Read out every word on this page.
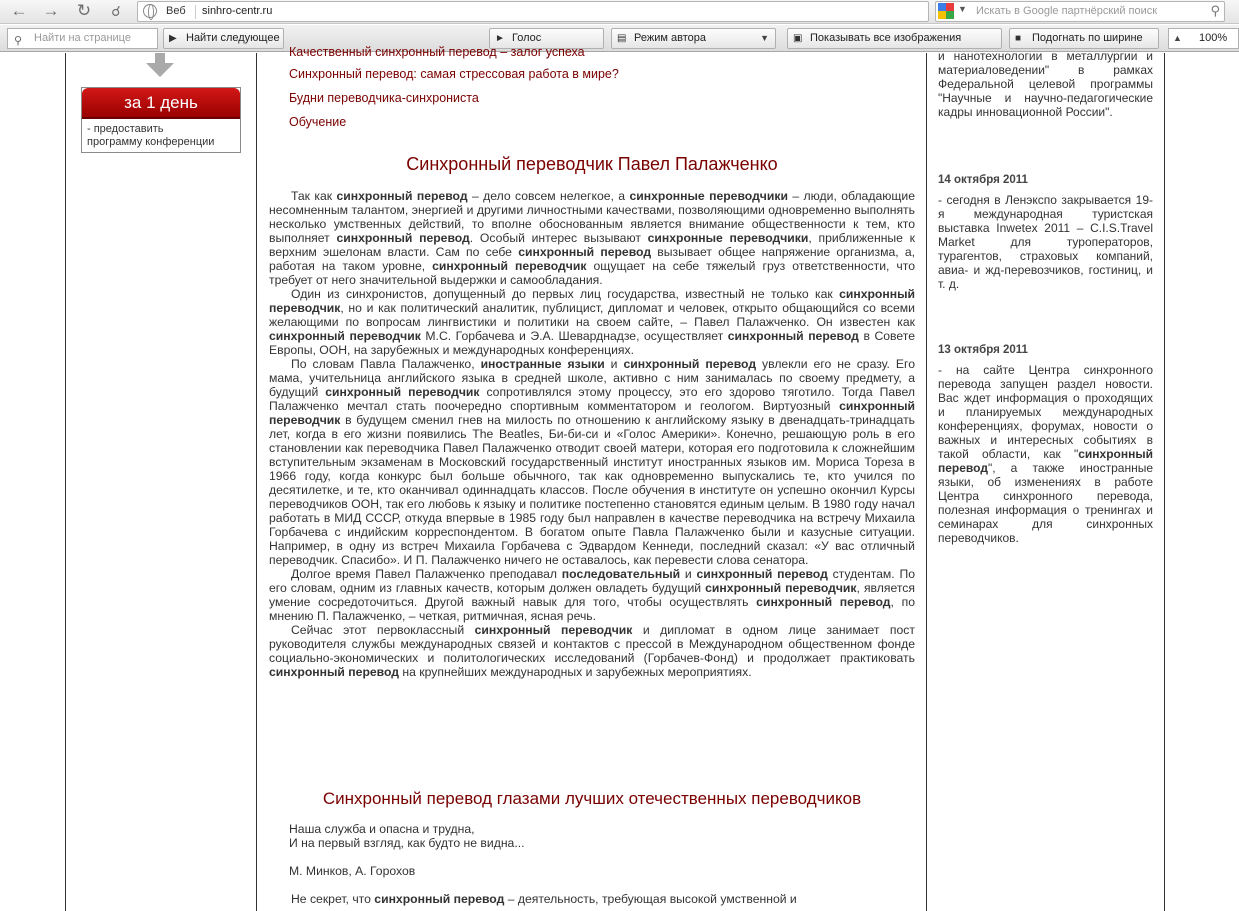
← → ↻	☌	Веб sinhro-centr.ru	▼ Искать в Google партнёрский поиск	⚲
⚲ Найти на странице	▶ Найти следующее	► Голос	▤ Режим автора	▼ ▣ Показывать все изображения	■ Подогнать по ширине	▲ 100%
за 1 день
- предоставить
программу конференции
Качественный синхронный перевод – залог успеха
Синхронный перевод: самая стрессовая работа в мире?
Будни переводчика-синхрониста
Обучение
Синхронный переводчик Павел Палажченко

Так как синхронный перевод – дело совсем нелегкое, а синхронные переводчики – люди, обладающие несомненным талантом, энергией и другими личностными качествами, позволяющими одновременно выполнять несколько умственных действий, то вполне обоснованным является внимание общественности к тем, кто выполняет синхронный перевод. Особый интерес вызывают синхронные переводчики, приближенные к верхним эшелонам власти. Сам по себе синхронный перевод вызывает общее напряжение организма, а, работая на таком уровне, синхронный переводчик ощущает на себе тяжелый груз ответственности, что требует от него значительной выдержки и самообладания.

Один из синхронистов, допущенный до первых лиц государства, известный не только как синхронный переводчик, но и как политический аналитик, публицист, дипломат и человек, открыто общающийся со всеми желающими по вопросам лингвистики и политики на своем сайте, – Павел Палажченко. Он известен как синхронный переводчик М.С. Горбачева и Э.А. Шеварднадзе, осуществляет синхронный перевод в Совете Европы, ООН, на зарубежных и международных конференциях.

По словам Павла Палажченко, иностранные языки и синхронный перевод увлекли его не сразу. Его мама, учительница английского языка в средней школе, активно с ним занималась по своему предмету, а будущий синхронный переводчик сопротивлялся этому процессу, это его здорово тяготило. Тогда Павел Палажченко мечтал стать поочередно спортивным комментатором и геологом. Виртуозный синхронный переводчик в будущем сменил гнев на милость по отношению к английскому языку в двенадцать-тринадцать лет, когда в его жизни появились The Beatles, Би-би-си и «Голос Америки». Конечно, решающую роль в его становлении как переводчика Павел Палажченко отводит своей матери, которая его подготовила к сложнейшим вступительным экзаменам в Московский государственный институт иностранных языков им. Мориса Тореза в 1966 году, когда конкурс был больше обычного, так как одновременно выпускались те, кто учился по десятилетке, и те, кто оканчивал одиннадцать классов. После обучения в институте он успешно окончил Курсы переводчиков ООН, так его любовь к языку и политике постепенно становятся единым целым. В 1980 году начал работать в МИД СССР, откуда впервые в 1985 году был направлен в качестве переводчика на встречу Михаила Горбачева с индийским корреспондентом. В богатом опыте Павла Палажченко были и казусные ситуации. Например, в одну из встреч Михаила Горбачева с Эдвардом Кеннеди, последний сказал: «У вас отличный переводчик. Спасибо». И П. Палажченко ничего не оставалось, как перевести слова сенатора.

Долгое время Павел Палажченко преподавал последовательный и синхронный перевод студентам. По его словам, одним из главных качеств, которым должен овладеть будущий синхронный переводчик, является умение сосредоточиться. Другой важный навык для того, чтобы осуществлять синхронный перевод, по мнению П. Палажченко, – четкая, ритмичная, ясная речь.

Сейчас этот первоклассный синхронный переводчик и дипломат в одном лице занимает пост руководителя службы международных связей и контактов с прессой в Международном общественном фонде социально-экономических и политологических исследований (Горбачев-Фонд) и продолжает практиковать синхронный перевод на крупнейших международных и зарубежных мероприятиях.

Синхронный перевод глазами лучших отечественных переводчиков
Наша служба и опасна и трудна,
И на первый взгляд, как будто не видна...
М. Минков, А. Горохов

Не секрет, что синхронный перевод – деятельность, требующая высокой умственной и

и нанотехнологии в металлургии и материаловедении" в рамках Федеральной целевой программы "Научные и научно-педагогические кадры инновационной России".
14 октября 2011
- сегодня в Ленэкспо закрывается 19-я международная туристская выставка Inwetex 2011 – C.I.S.Travel Market для туроператоров, турагентов, страховых компаний, авиа- и жд-перевозчиков, гостиниц, и т. д.
13 октября 2011
- на сайте Центра синхронного перевода запущен раздел новости. Вас ждет информация о проходящих и планируемых международных конференциях, форумах, новости о важных и интересных событиях в такой области, как "синхронный перевод", а также иностранные языки, об изменениях в работе Центра синхронного перевода, полезная информация о тренингах и семинарах для синхронных переводчиков.
